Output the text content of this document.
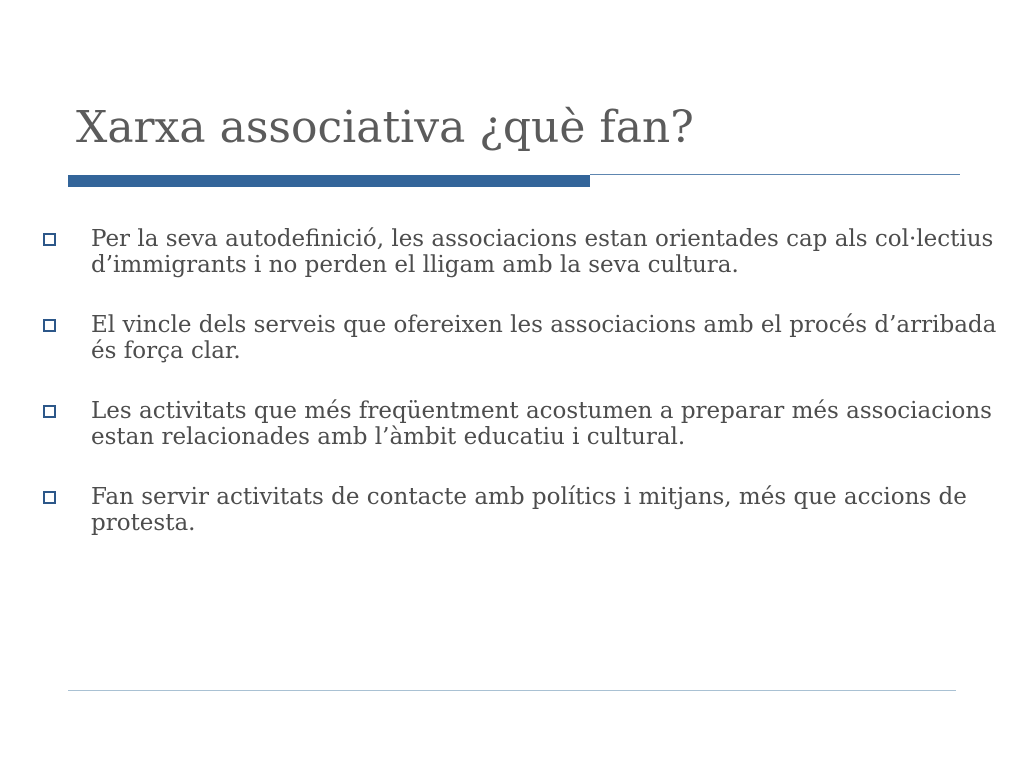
Xarxa associativa ¿què fan?
Per la seva autodefinició, les associacions estan orientades cap als col·lectius d’immigrants i no perden el lligam amb la seva cultura.
El vincle dels serveis que ofereixen les associacions amb el procés d’arribada és força clar.
Les activitats que més freqüentment acostumen a preparar més associacions estan relacionades amb l’àmbit educatiu i cultural.
Fan servir activitats de contacte amb polítics i mitjans, més que accions de protesta.
